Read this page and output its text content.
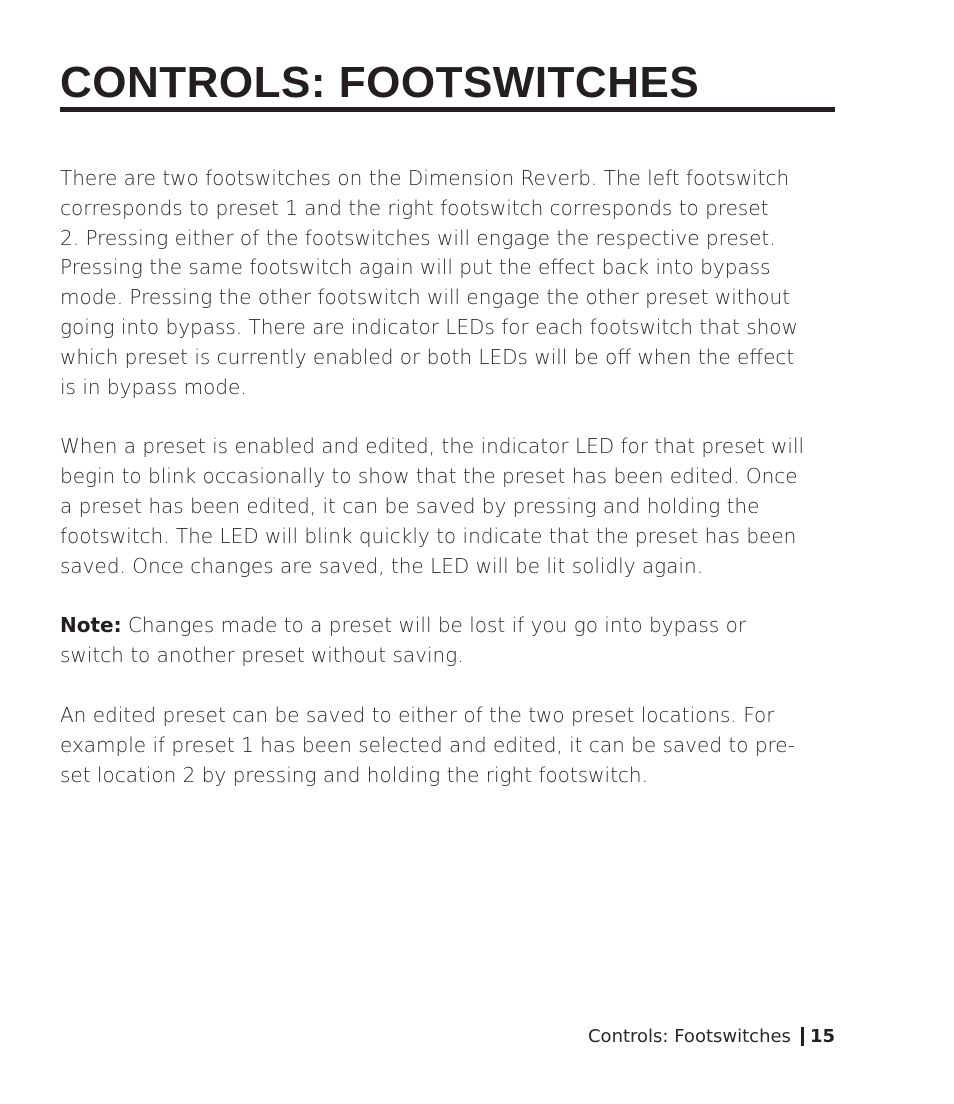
CONTROLS: FOOTSWITCHES

There are two footswitches on the Dimension Reverb. The left footswitch
corresponds to preset 1 and the right footswitch corresponds to preset
2. Pressing either of the footswitches will engage the respective preset.
Pressing the same footswitch again will put the effect back into bypass
mode. Pressing the other footswitch will engage the other preset without
going into bypass. There are indicator LEDs for each footswitch that show
which preset is currently enabled or both LEDs will be off when the effect
is in bypass mode.

When a preset is enabled and edited, the indicator LED for that preset will
begin to blink occasionally to show that the preset has been edited. Once
a preset has been edited, it can be saved by pressing and holding the
footswitch. The LED will blink quickly to indicate that the preset has been
saved. Once changes are saved, the LED will be lit solidly again.

Note: Changes made to a preset will be lost if you go into bypass or
switch to another preset without saving.

An edited preset can be saved to either of the two preset locations. For
example if preset 1 has been selected and edited, it can be saved to pre-
set location 2 by pressing and holding the right footswitch.

Controls: Footswitches 15
